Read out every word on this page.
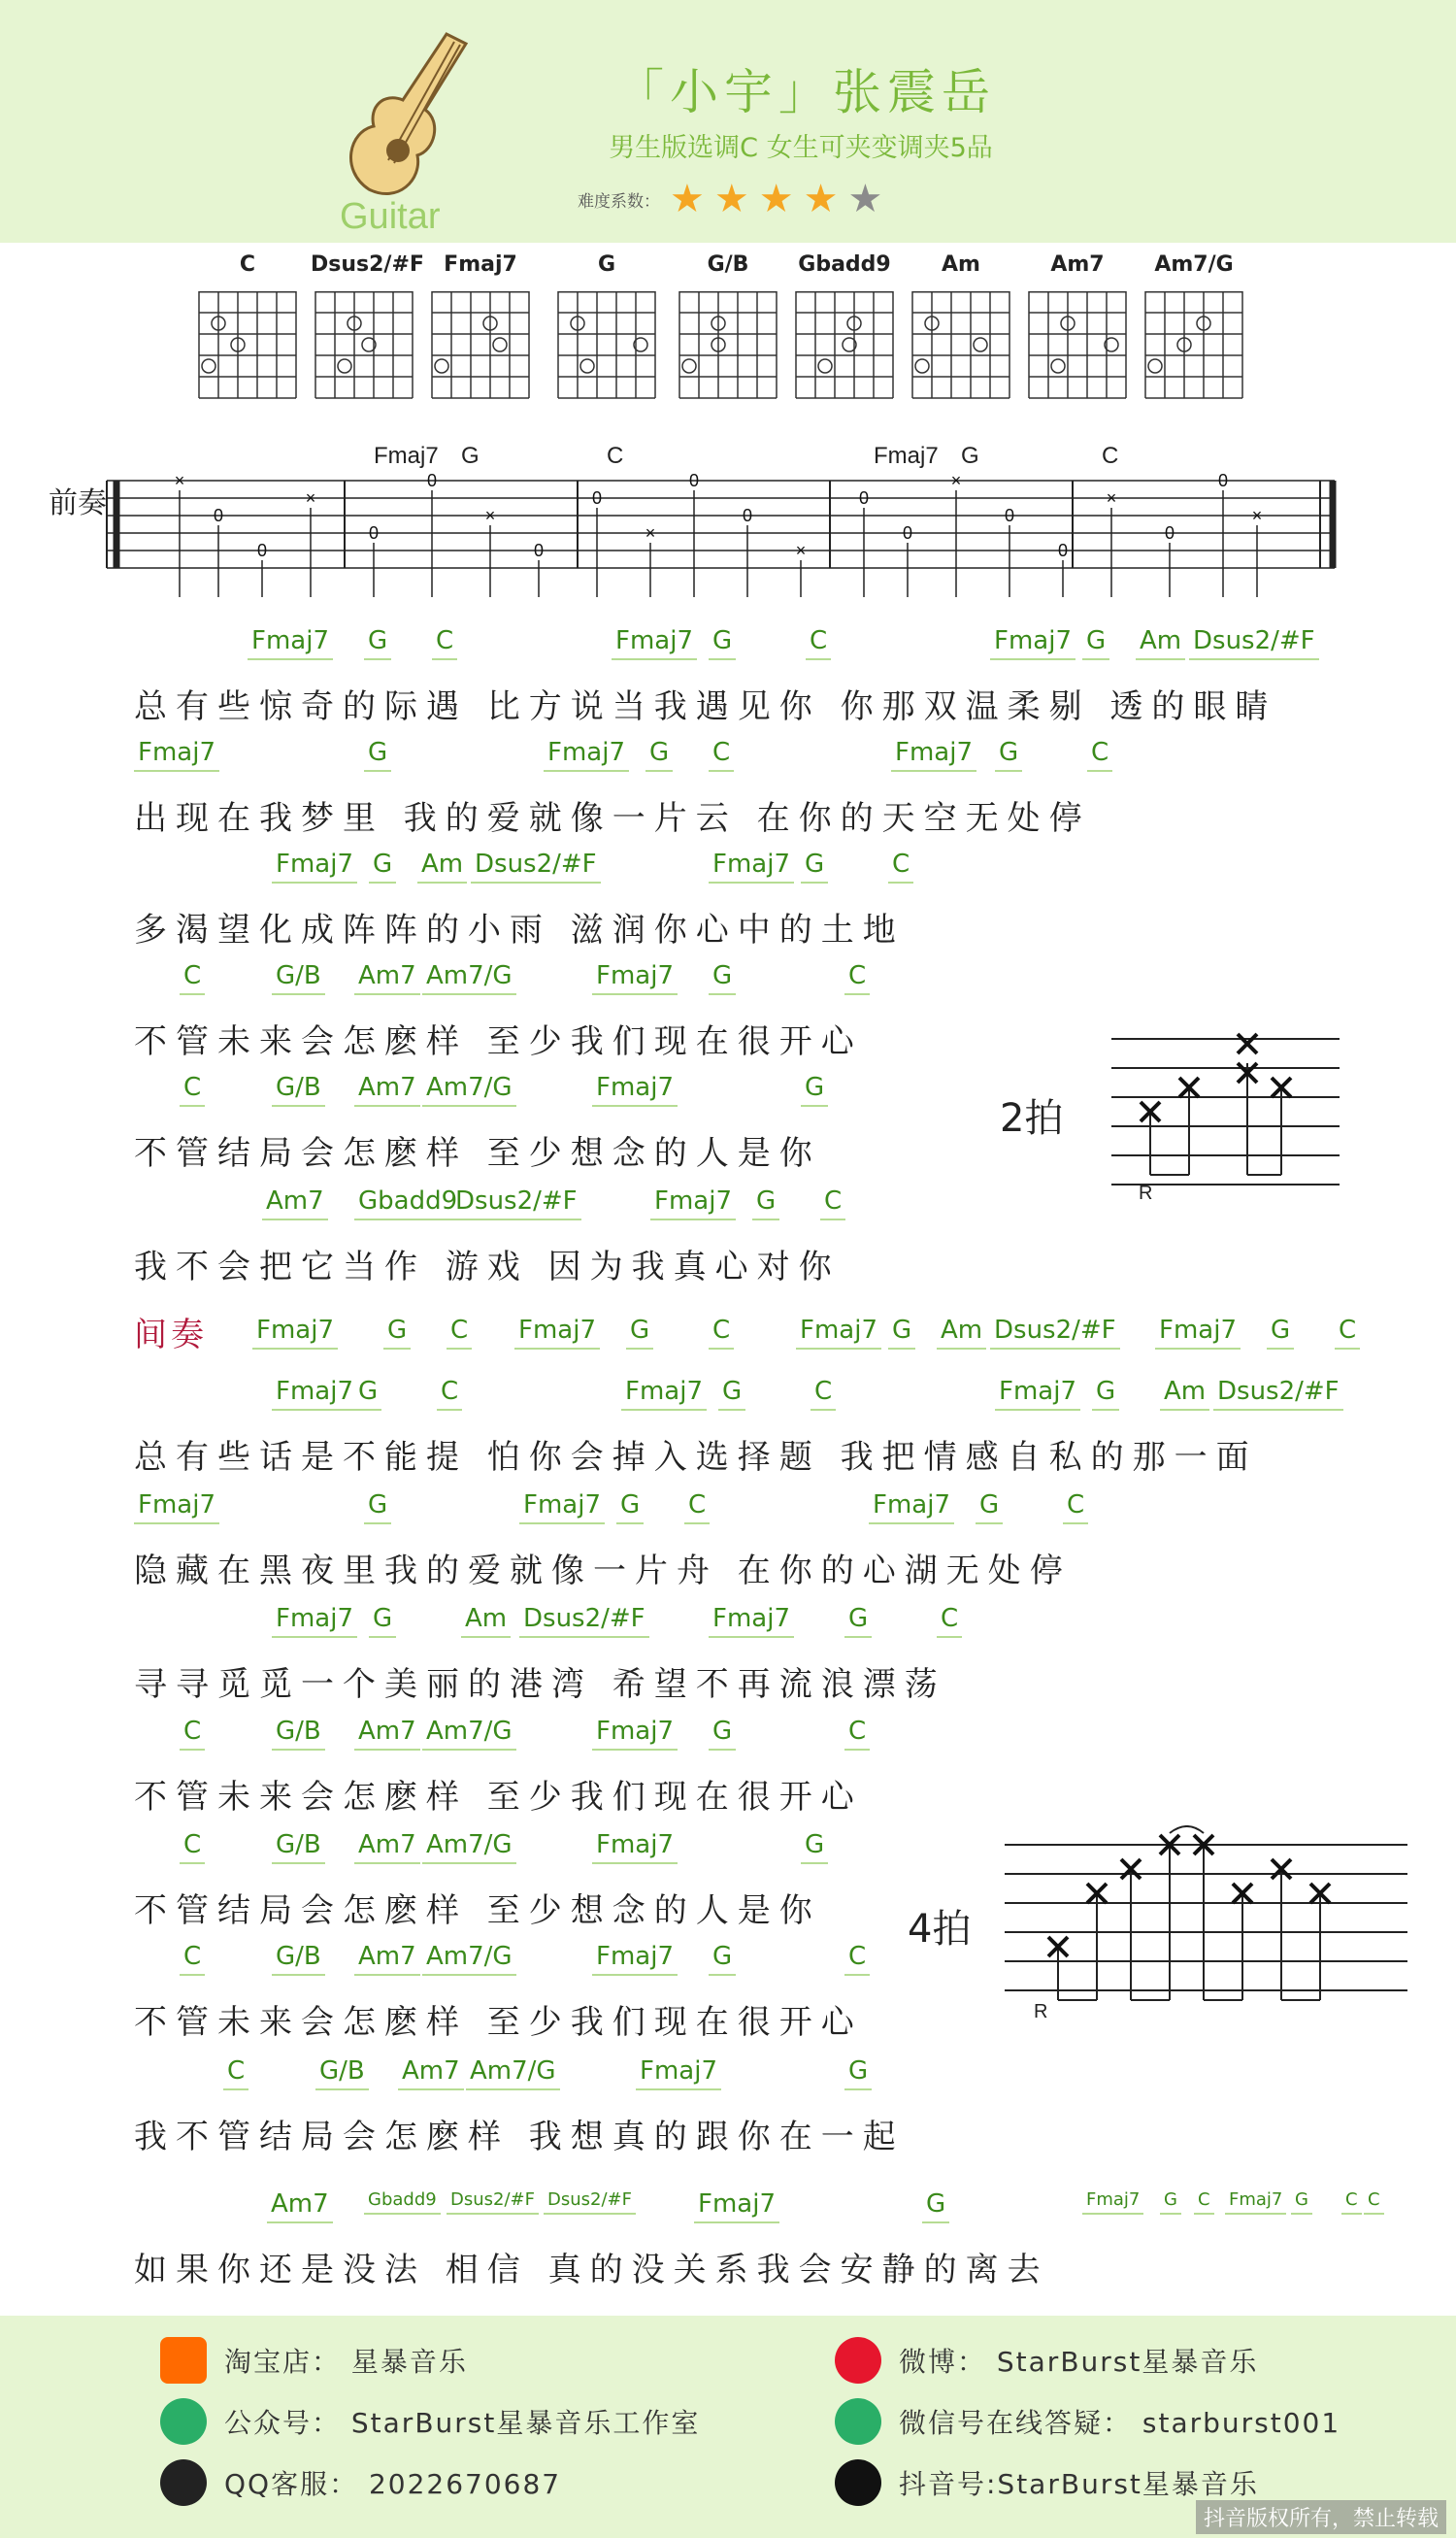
Guitar
「小宇」张震岳
男生版选调C 女生可夹变调夹5品
难度系数： ★ ★ ★ ★ ★
C	Dsus2/#F Fmaj7	G	G/B	Gbadd9	Am	Am7	Am7/G
前奏
×
0
0
×
0
0
×
0
0
×
0
0
×
0
0
×
0
0
×
0
0
×
Fmaj7 G	C	Fmaj7 G	C
Fmaj7 G C	Fmaj7 G	C	Fmaj7 G Am Dsus2/#F
总有些惊奇的际遇 比方说当我遇见你 你那双温柔剔 透的眼睛
Fmaj7	G	Fmaj7 G C	Fmaj7 G	C
出现在我梦里 我的爱就像一片云 在你的天空无处停
Fmaj7 G Am Dsus2/#F	Fmaj7 G	C
多渴望化成阵阵的小雨 滋润你心中的土地
C	G/B Am7 Am7/G	Fmaj7 G	C
不管未来会怎麽样 至少我们现在很开心
C	G/B Am7 Am7/G	Fmaj7	G
不管结局会怎麽样 至少想念的人是你
Am7 Gbadd9
Dsus2/#F	Fmaj7 G C
我不会把它当作 游戏 因为我真心对你
Fmaj7 G C Fmaj7 G C	Fmaj7 G Am Dsus2/#F Fmaj7 G C
间奏
Fmaj7 G C	Fmaj7 G	C	Fmaj7 G Am Dsus2/#F
总有些话是不能提 怕你会掉入选择题 我把情感自私的那一面
Fmaj7	G	Fmaj7 G C	Fmaj7 G	C
隐藏在黑夜里我的爱就像一片舟 在你的心湖无处停
Fmaj7 G	Am Dsus2/#F	Fmaj7 G	C
寻寻觅觅一个美丽的港湾 希望不再流浪漂荡
C	G/B Am7 Am7/G	Fmaj7 G	C
不管未来会怎麽样 至少我们现在很开心
C	G/B Am7 Am7/G	Fmaj7	G
不管结局会怎麽样 至少想念的人是你
C	G/B Am7 Am7/G	Fmaj7 G	C
不管未来会怎麽样 至少我们现在很开心
C	G/B Am7 Am7/G	Fmaj7	G
我不管结局会怎麽样 我想真的跟你在一起
Am7 Gbadd9 Dsus2/#F Dsus2/#F	Fmaj7	G	Fmaj7 G C Fmaj7 G C C
如果你还是没法 相信 真的没关系我会安静的离去
R
2拍
R
4拍
淘宝店： 星暴音乐	微博： StarBurst星暴音乐
公众号： StarBurst星暴音乐工作室	微信号在线答疑： starburst001
QQ客服： 2022670687	抖音号:StarBurst星暴音乐
抖音版权所有，禁止转载
